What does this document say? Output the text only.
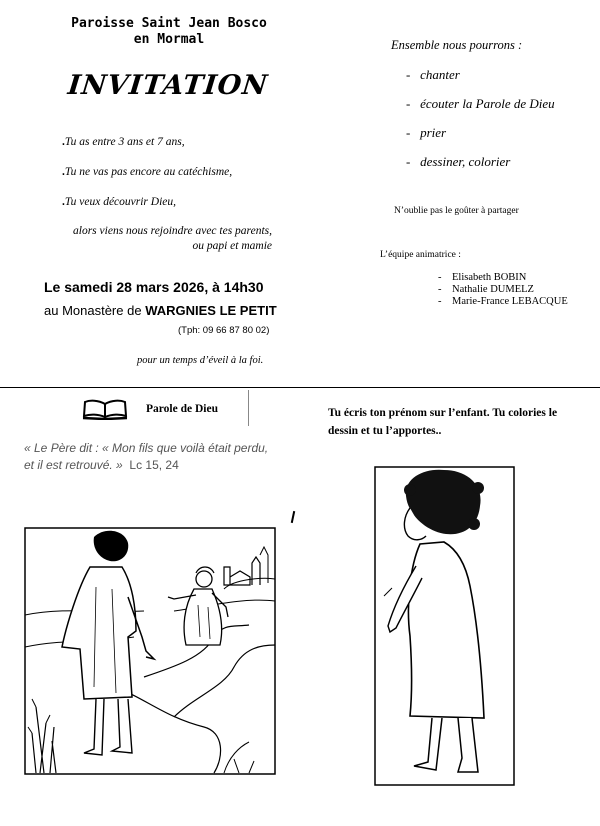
Paroisse Saint Jean Bosco
en Mormal
INVITATION
.Tu as entre 3 ans et 7 ans,
.Tu ne vas pas encore au catéchisme,
.Tu veux découvrir Dieu,
alors viens nous rejoindre avec tes parents,
ou papi et mamie
Le samedi 28 mars 2026, à 14h30
au Monastère de WARGNIES LE PETIT
(Tph: 09 66 87 80 02)
pour un temps d’éveil à la foi.
Ensemble nous pourrons :
-   chanter
-   écouter la Parole de Dieu
-   prier
-   dessiner, colorier
N’oublie pas le goûter à partager
L’équipe animatrice :
-    Elisabeth BOBIN
-    Nathalie DUMELZ
-    Marie-France LEBACQUE
Parole de Dieu
« Le Père dit : « Mon fils que voilà était perdu,
et il est retrouvé. » Lc 15, 24
Tu écris ton prénom sur l’enfant. Tu colories le
dessin et tu l’apportes..
